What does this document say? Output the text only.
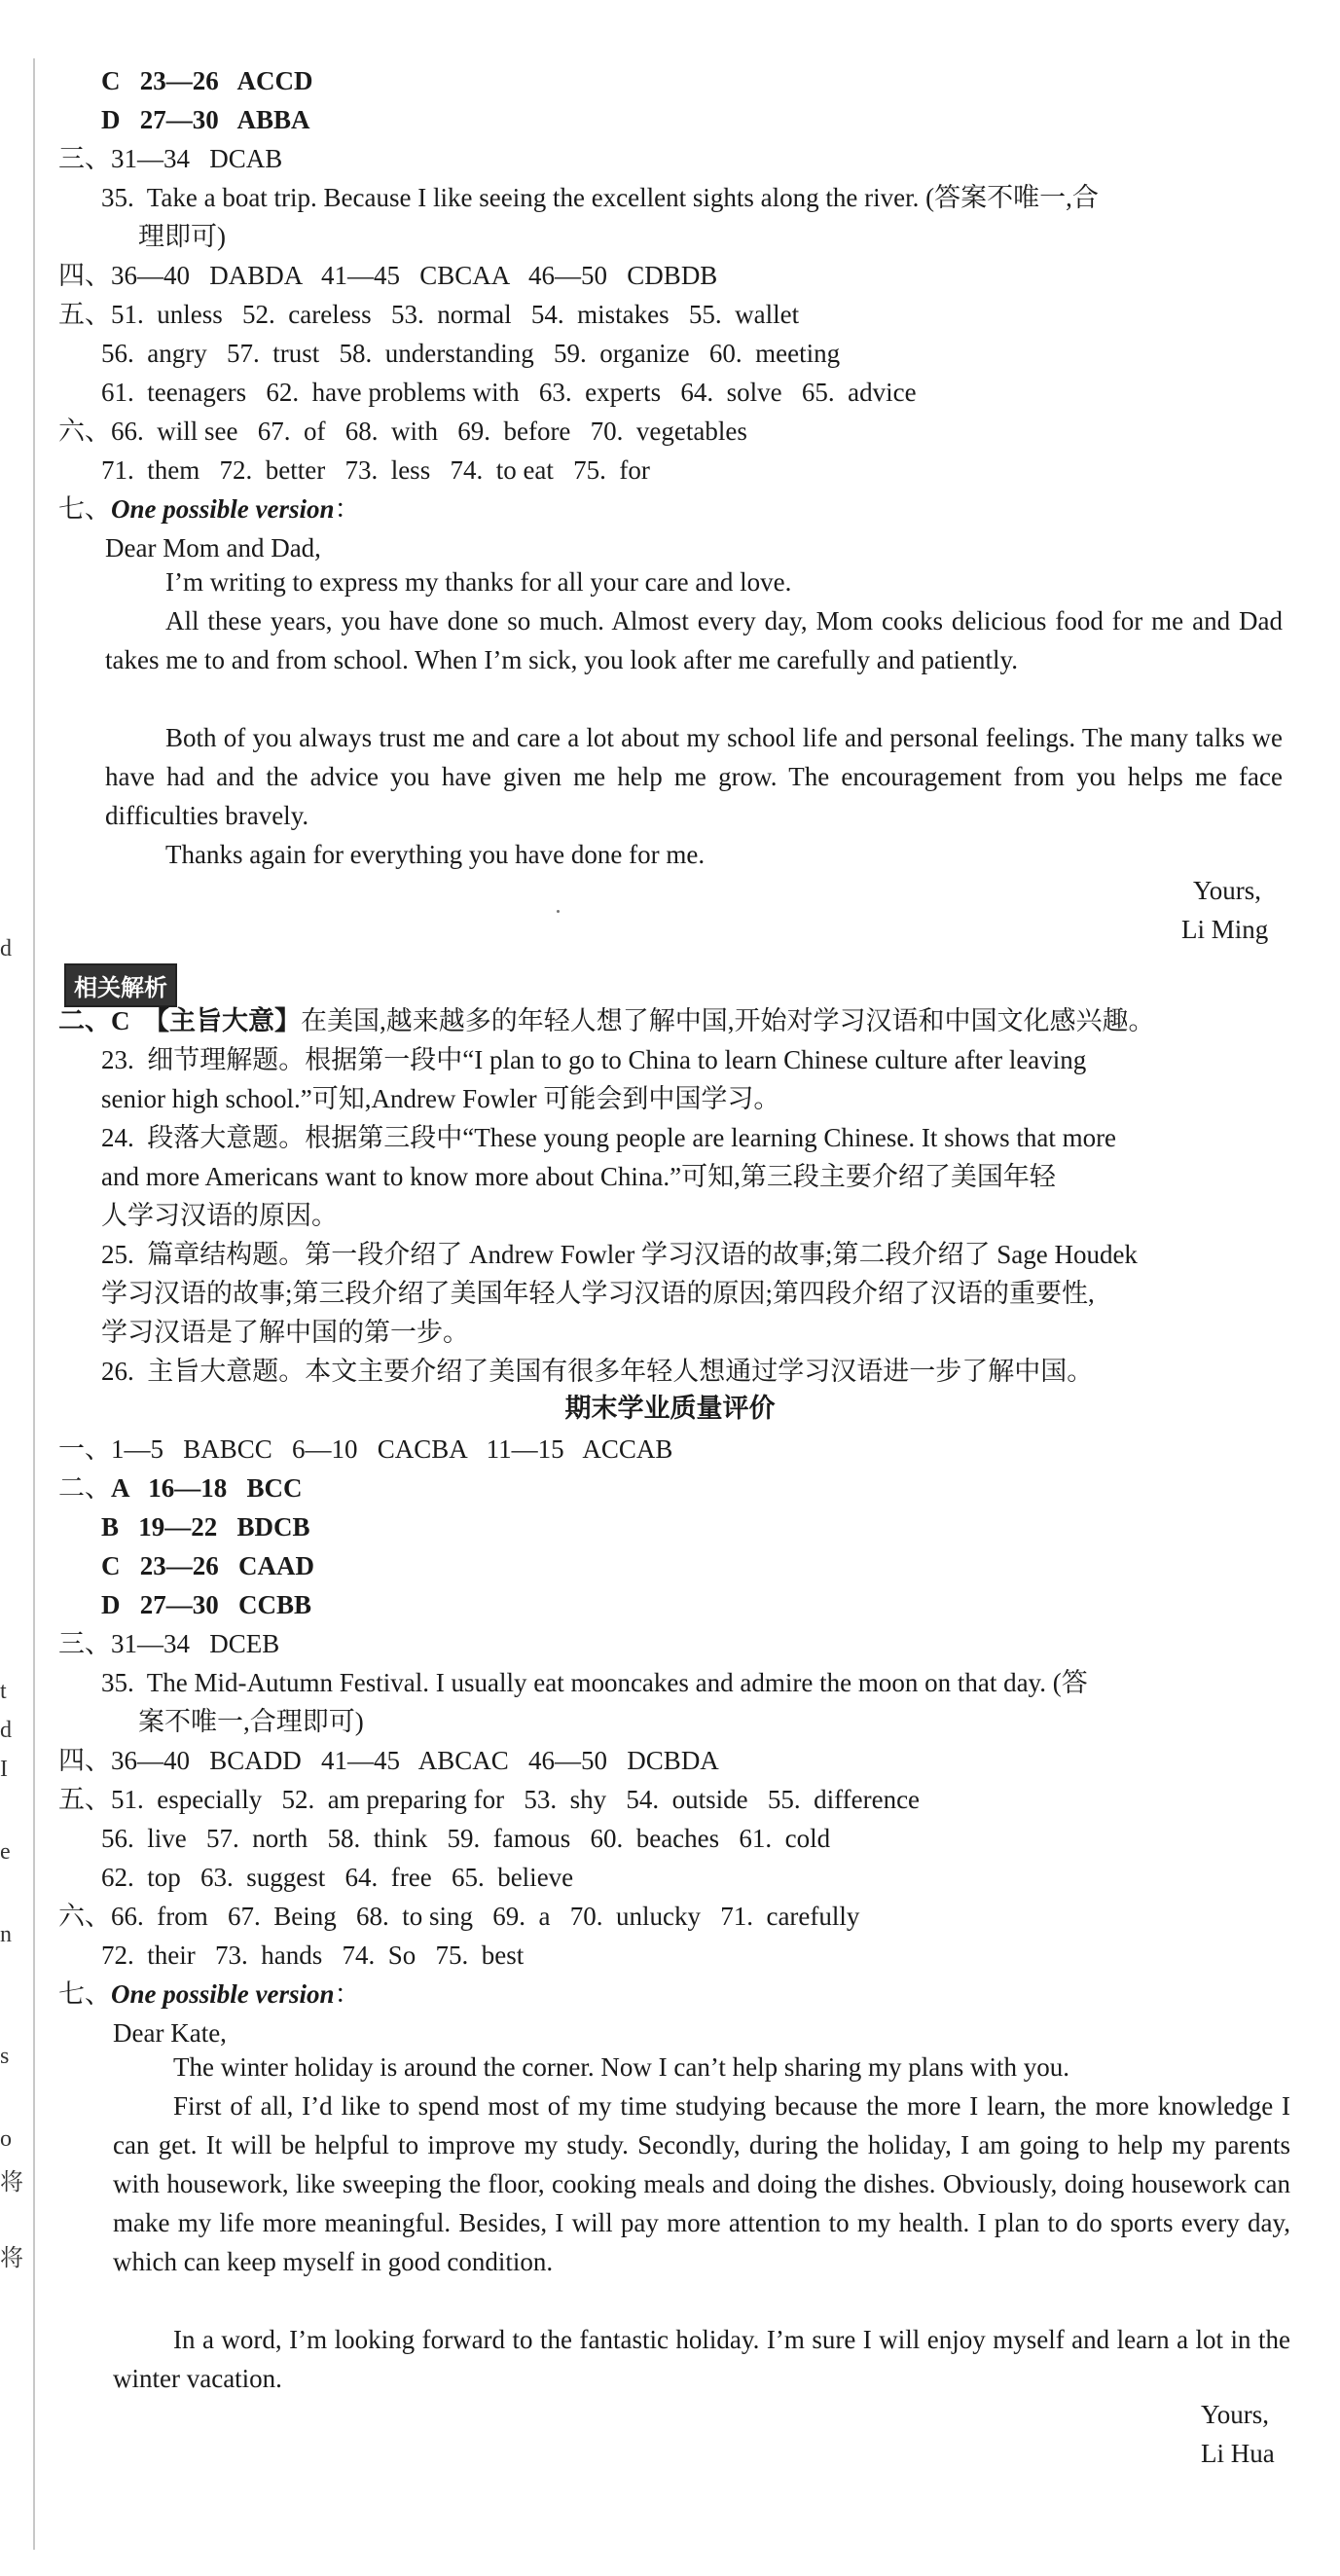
d
t
d
I
e
n
s
o
将
将
C   23—26   ACCD
D   27—30   ABBA
三、31—34   DCAB
35.  Take a boat trip. Because I like seeing the excellent sights along the river. (答案不唯一,合
理即可)
四、36—40   DABDA   41—45   CBCAA   46—50   CDBDB
五、51.  unless   52.  careless   53.  normal   54.  mistakes   55.  wallet
56.  angry   57.  trust   58.  understanding   59.  organize   60.  meeting
61.  teenagers   62.  have problems with   63.  experts   64.  solve   65.  advice
六、66.  will see   67.  of   68.  with   69.  before   70.  vegetables
71.  them   72.  better   73.  less   74.  to eat   75.  for
七、One possible version：
Dear Mom and Dad,
I’m writing to express my thanks for all your care and love.
All these years, you have done so much. Almost every day, Mom cooks delicious food for me and Dad takes me to and from school. When I’m sick, you look after me carefully and patiently.
Both of you always trust me and care a lot about my school life and personal feelings. The many talks we have had and the advice you have given me help me grow. The encouragement from you helps me face difficulties bravely.
Thanks again for everything you have done for me.
Yours,
Li Ming
相关解析
二、C  【主旨大意】在美国,越来越多的年轻人想了解中国,开始对学习汉语和中国文化感兴趣。
23.  细节理解题。根据第一段中“I plan to go to China to learn Chinese culture after leaving
senior high school.”可知,Andrew Fowler 可能会到中国学习。
24.  段落大意题。根据第三段中“These young people are learning Chinese. It shows that more
and more Americans want to know more about China.”可知,第三段主要介绍了美国年轻
人学习汉语的原因。
25.  篇章结构题。第一段介绍了 Andrew Fowler 学习汉语的故事;第二段介绍了 Sage Houdek
学习汉语的故事;第三段介绍了美国年轻人学习汉语的原因;第四段介绍了汉语的重要性,
学习汉语是了解中国的第一步。
26.  主旨大意题。本文主要介绍了美国有很多年轻人想通过学习汉语进一步了解中国。
期末学业质量评价
一、1—5   BABCC   6—10   CACBA   11—15   ACCAB
二、A   16—18   BCC
B   19—22   BDCB
C   23—26   CAAD
D   27—30   CCBB
三、31—34   DCEB
35.  The Mid-Autumn Festival. I usually eat mooncakes and admire the moon on that day. (答
案不唯一,合理即可)
四、36—40   BCADD   41—45   ABCAC   46—50   DCBDA
五、51.  especially   52.  am preparing for   53.  shy   54.  outside   55.  difference
56.  live   57.  north   58.  think   59.  famous   60.  beaches   61.  cold
62.  top   63.  suggest   64.  free   65.  believe
六、66.  from   67.  Being   68.  to sing   69.  a   70.  unlucky   71.  carefully
72.  their   73.  hands   74.  So   75.  best
七、One possible version：
Dear Kate,
The winter holiday is around the corner. Now I can’t help sharing my plans with you.
First of all, I’d like to spend most of my time studying because the more I learn, the more knowledge I can get. It will be helpful to improve my study. Secondly, during the holiday, I am going to help my parents with housework, like sweeping the floor, cooking meals and doing the dishes. Obviously, doing housework can make my life more meaningful. Besides, I will pay more attention to my health. I plan to do sports every day, which can keep myself in good condition.
In a word, I’m looking forward to the fantastic holiday. I’m sure I will enjoy myself and learn a lot in the winter vacation.
Yours,
Li Hua
